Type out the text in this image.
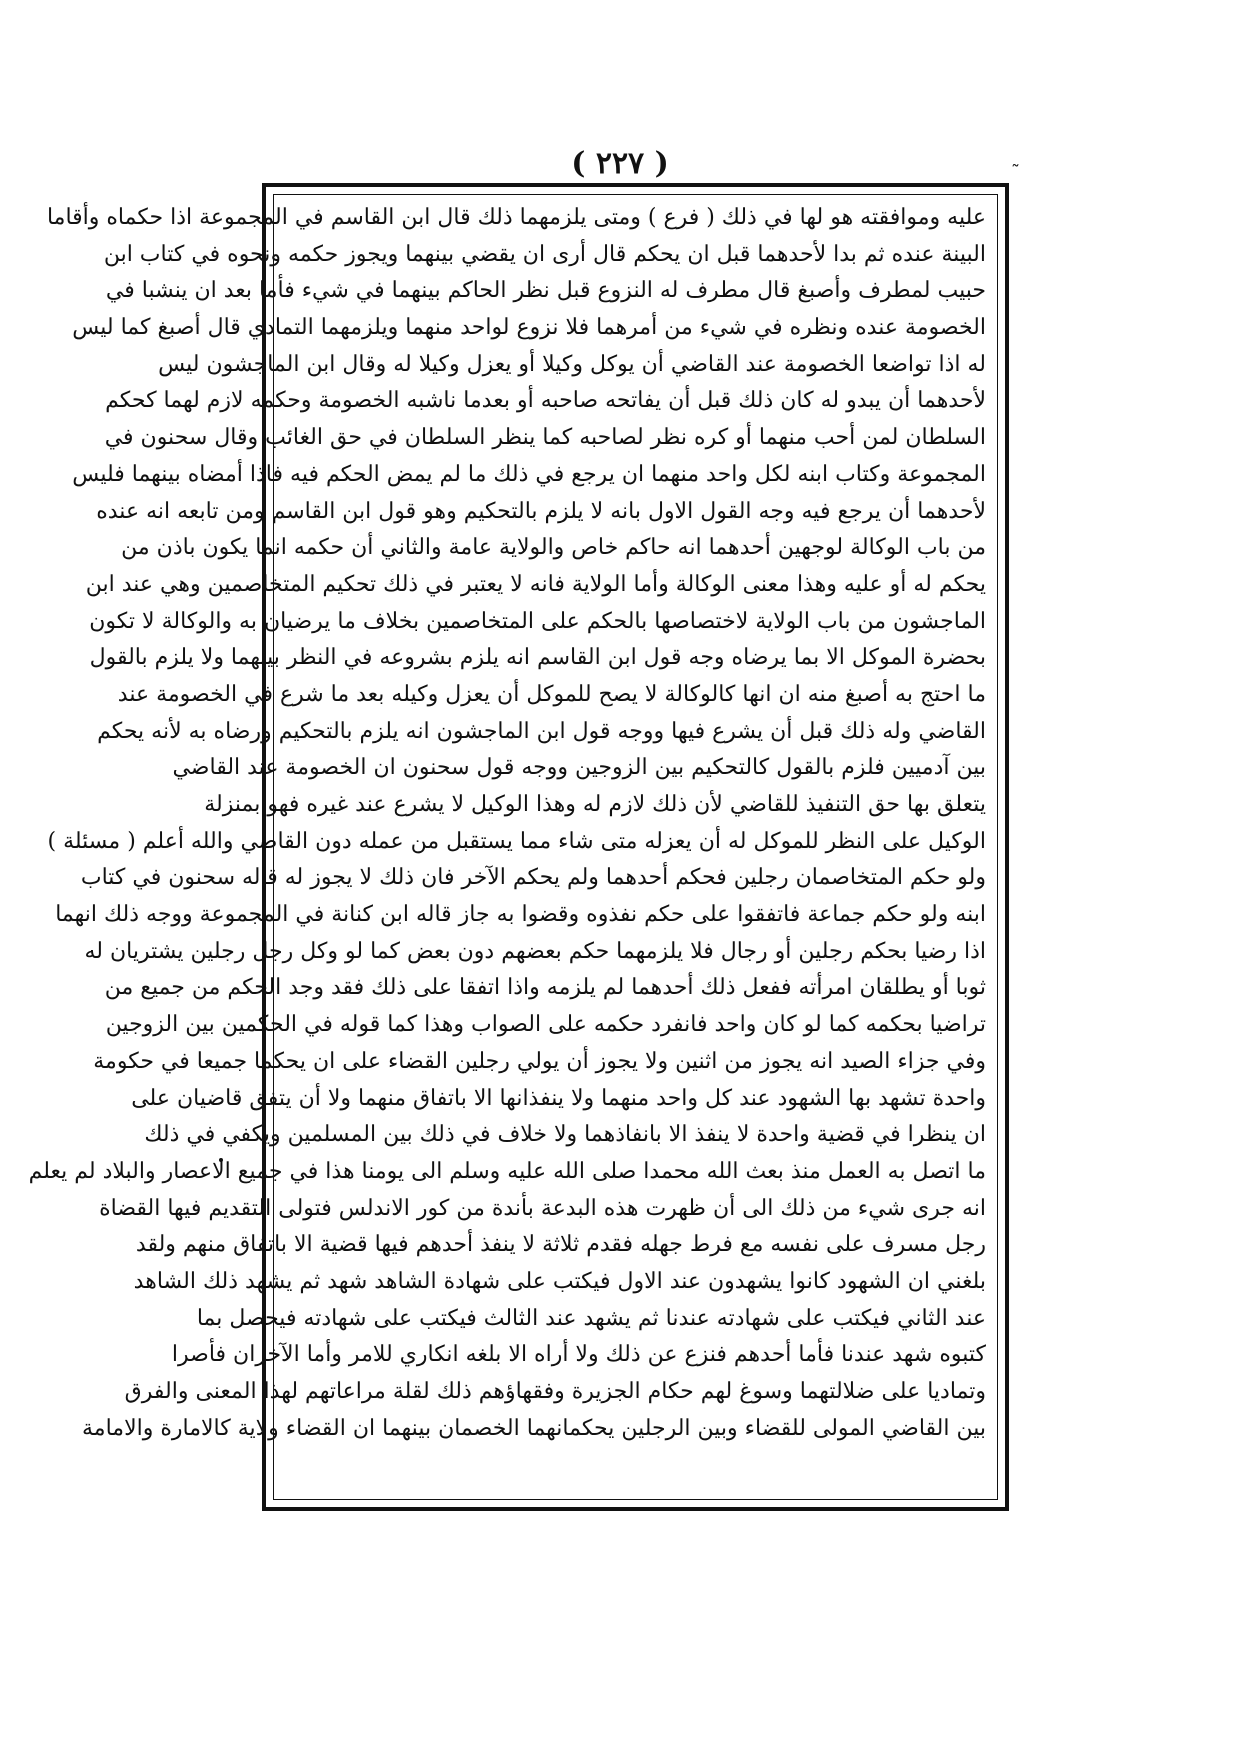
( ٢٢٧ )	˜
عليه وموافقته هو لها في ذلك ( فرع ) ومتى يلزمهما ذلك قال ابن القاسم في المجموعة اذا حكماه وأقاما
البينة عنده ثم بدا لأحدهما قبل ان يحكم قال أرى ان يقضي بينهما ويجوز حكمه ونحوه في كتاب ابن
حبيب لمطرف وأصبغ قال مطرف له النزوع قبل نظر الحاكم بينهما في شيء فأما بعد ان ينشبا في
الخصومة عنده ونظره في شيء من أمرهما فلا نزوع لواحد منهما ويلزمهما التمادي قال أصبغ كما ليس
له اذا تواضعا الخصومة عند القاضي أن يوكل وكيلا أو يعزل وكيلا له وقال ابن الماجشون ليس
لأحدهما أن يبدو له كان ذلك قبل أن يفاتحه صاحبه أو بعدما ناشبه الخصومة وحكمه لازم لهما كحكم
السلطان لمن أحب منهما أو كره نظر لصاحبه كما ينظر السلطان في حق الغائب وقال سحنون في
المجموعة وكتاب ابنه لكل واحد منهما ان يرجع في ذلك ما لم يمض الحكم فيه فاذا أمضاه بينهما فليس
لأحدهما أن يرجع فيه وجه القول الاول بانه لا يلزم بالتحكيم وهو قول ابن القاسم ومن تابعه انه عنده
من باب الوكالة لوجهين أحدهما انه حاكم خاص والولاية عامة والثاني أن حكمه انما يكون باذن من
يحكم له أو عليه وهذا معنى الوكالة وأما الولاية فانه لا يعتبر في ذلك تحكيم المتخاصمين وهي عند ابن
الماجشون من باب الولاية لاختصاصها بالحكم على المتخاصمين بخلاف ما يرضيان به والوكالة لا تكون
بحضرة الموكل الا بما يرضاه وجه قول ابن القاسم انه يلزم بشروعه في النظر بينهما ولا يلزم بالقول
ما احتج به أصبغ منه ان انها كالوكالة لا يصح للموكل أن يعزل وكيله بعد ما شرع في الخصومة عند
القاضي وله ذلك قبل أن يشرع فيها ووجه قول ابن الماجشون انه يلزم بالتحكيم ورضاه به لأنه يحكم
بين آدميين فلزم بالقول كالتحكيم بين الزوجين ووجه قول سحنون ان الخصومة عند القاضي
يتعلق بها حق التنفيذ للقاضي لأن ذلك لازم له وهذا الوكيل لا يشرع عند غيره فهو بمنزلة
الوكيل على النظر للموكل له أن يعزله متى شاء مما يستقبل من عمله دون القاضي والله أعلم ( مسئلة )
ولو حكم المتخاصمان رجلين فحكم أحدهما ولم يحكم الآخر فان ذلك لا يجوز له قاله سحنون في كتاب
ابنه ولو حكم جماعة فاتفقوا على حكم نفذوه وقضوا به جاز قاله ابن كنانة في المجموعة ووجه ذلك انهما
اذا رضيا بحكم رجلين أو رجال فلا يلزمهما حكم بعضهم دون بعض كما لو وكل رجل رجلين يشتريان له
ثوبا أو يطلقان امرأته ففعل ذلك أحدهما لم يلزمه واذا اتفقا على ذلك فقد وجد الحكم من جميع من
تراضيا بحكمه كما لو كان واحد فانفرد حكمه على الصواب وهذا كما قوله في الحكمين بين الزوجين
وفي جزاء الصيد انه يجوز من اثنين ولا يجوز أن يولي رجلين القضاء على ان يحكما جميعا في حكومة
واحدة تشهد بها الشهود عند كل واحد منهما ولا ينفذانها الا باتفاق منهما ولا أن يتفق قاضيان على
ان ينظرا في قضية واحدة لا ينفذ الا بانفاذهما ولا خلاف في ذلك بين المسلمين ويكفي في ذلك
ما اتصل به العمل منذ بعث الله محمدا صلى الله عليه وسلم الى يومنا هذا في جميع الاعصار والبلاد لم يعلم
انه جرى شيء من ذلك الى أن ظهرت هذه البدعة بأندة من كور الاندلس فتولى التقديم فيها القضاة
رجل مسرف على نفسه مع فرط جهله فقدم ثلاثة لا ينفذ أحدهم فيها قضية الا باتفاق منهم ولقد
بلغني ان الشهود كانوا يشهدون عند الاول فيكتب على شهادة الشاهد شهد ثم يشهد ذلك الشاهد
عند الثاني فيكتب على شهادته عندنا ثم يشهد عند الثالث فيكتب على شهادته فيحصل بما
كتبوه شهد عندنا فأما أحدهم فنزع عن ذلك ولا أراه الا بلغه انكاري للامر وأما الآخران فأصرا
وتماديا على ضلالتهما وسوغ لهم حكام الجزيرة وفقهاؤهم ذلك لقلة مراعاتهم لهذا المعنى والفرق
بين القاضي المولى للقضاء وبين الرجلين يحكمانهما الخصمان بينهما ان القضاء ولاية كالامارة والامامة
